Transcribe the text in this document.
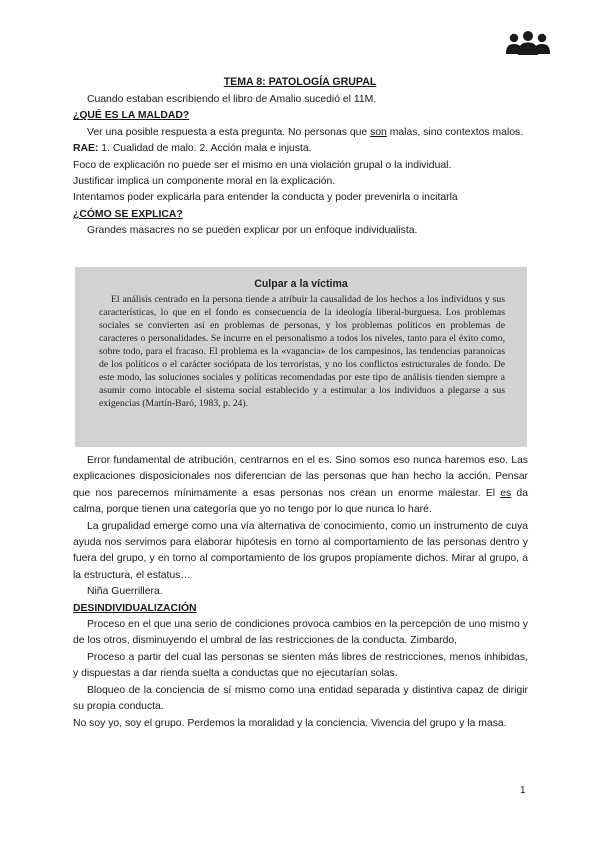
TEMA 8: PATOLOGÍA GRUPAL

Cuando estaban escribiendo el libro de Amalio sucedió el 11M.

¿QUÉ ES LA MALDAD?

Ver una posible respuesta a esta pregunta. No personas que son malas, sino contextos malos.

RAE: 1. Cualidad de malo. 2. Acción mala e injusta.

Foco de explicación no puede ser el mismo en una violación grupal o la individual.

Justificar implica un componente moral en la explicación.

Intentamos poder explicarla para entender la conducta y poder prevenirla o incitarla

¿CÓMO SE EXPLICA?

Grandes masacres no se pueden explicar por un enfoque individualista.

Culpar a la víctima
El análisis centrado en la persona tiende a atribuir la causalidad de los hechos a los individuos y sus características, lo que en el fondo es consecuencia de la ideología liberal-burguesa. Los problemas sociales se convierten así en problemas de personas, y los problemas políticos en problemas de caracteres o personalidades. Se incurre en el personalismo a todos los niveles, tanto para el éxito como, sobre todo, para el fracaso. El problema es la «vagancia» de los campesinos, las tendencias paranoicas de los políticos o el carácter sociópata de los terroristas, y no los conflictos estructurales de fondo. De este modo, las soluciones sociales y políticas recomendadas por este tipo de análisis tienden siempre a asumir como intocable el sistema social establecido y a estimular a los individuos a plegarse a sus exigencias (Martín-Baró, 1983, p. 24).

Error fundamental de atribución, centrarnos en el es. Sino somos eso nunca haremos eso. Las explicaciones disposicionales nos diferencian de las personas que han hecho la acción. Pensar que nos parecemos mínimamente a esas personas nos crean un enorme malestar. El es da calma, porque tienen una categoría que yo no tengo por lo que nunca lo haré.

La grupalidad emerge como una vía alternativa de conocimiento, como un instrumento de cuya ayuda nos servimos para elaborar hipótesis en torno al comportamiento de las personas dentro y fuera del grupo, y en torno al comportamiento de los grupos propiamente dichos. Mirar al grupo, a la estructura, el estatus…

Niña Guerrillera.

DESINDIVIDUALIZACIÓN

Proceso en el que una serio de condiciones provoca cambios en la percepción de uno mismo y de los otros, disminuyendo el umbral de las restricciones de la conducta. Zimbardo,

Proceso a partir del cual las personas se sienten más libres de restricciones, menos inhibidas, y dispuestas a dar rienda suelta a conductas que no ejecutarían solas.

Bloqueo de la conciencia de sí mismo como una entidad separada y distintiva capaz de dirigir su propia conducta.

No soy yo, soy el grupo. Perdemos la moralidad y la conciencia. Vivencia del grupo y la masa.

1
